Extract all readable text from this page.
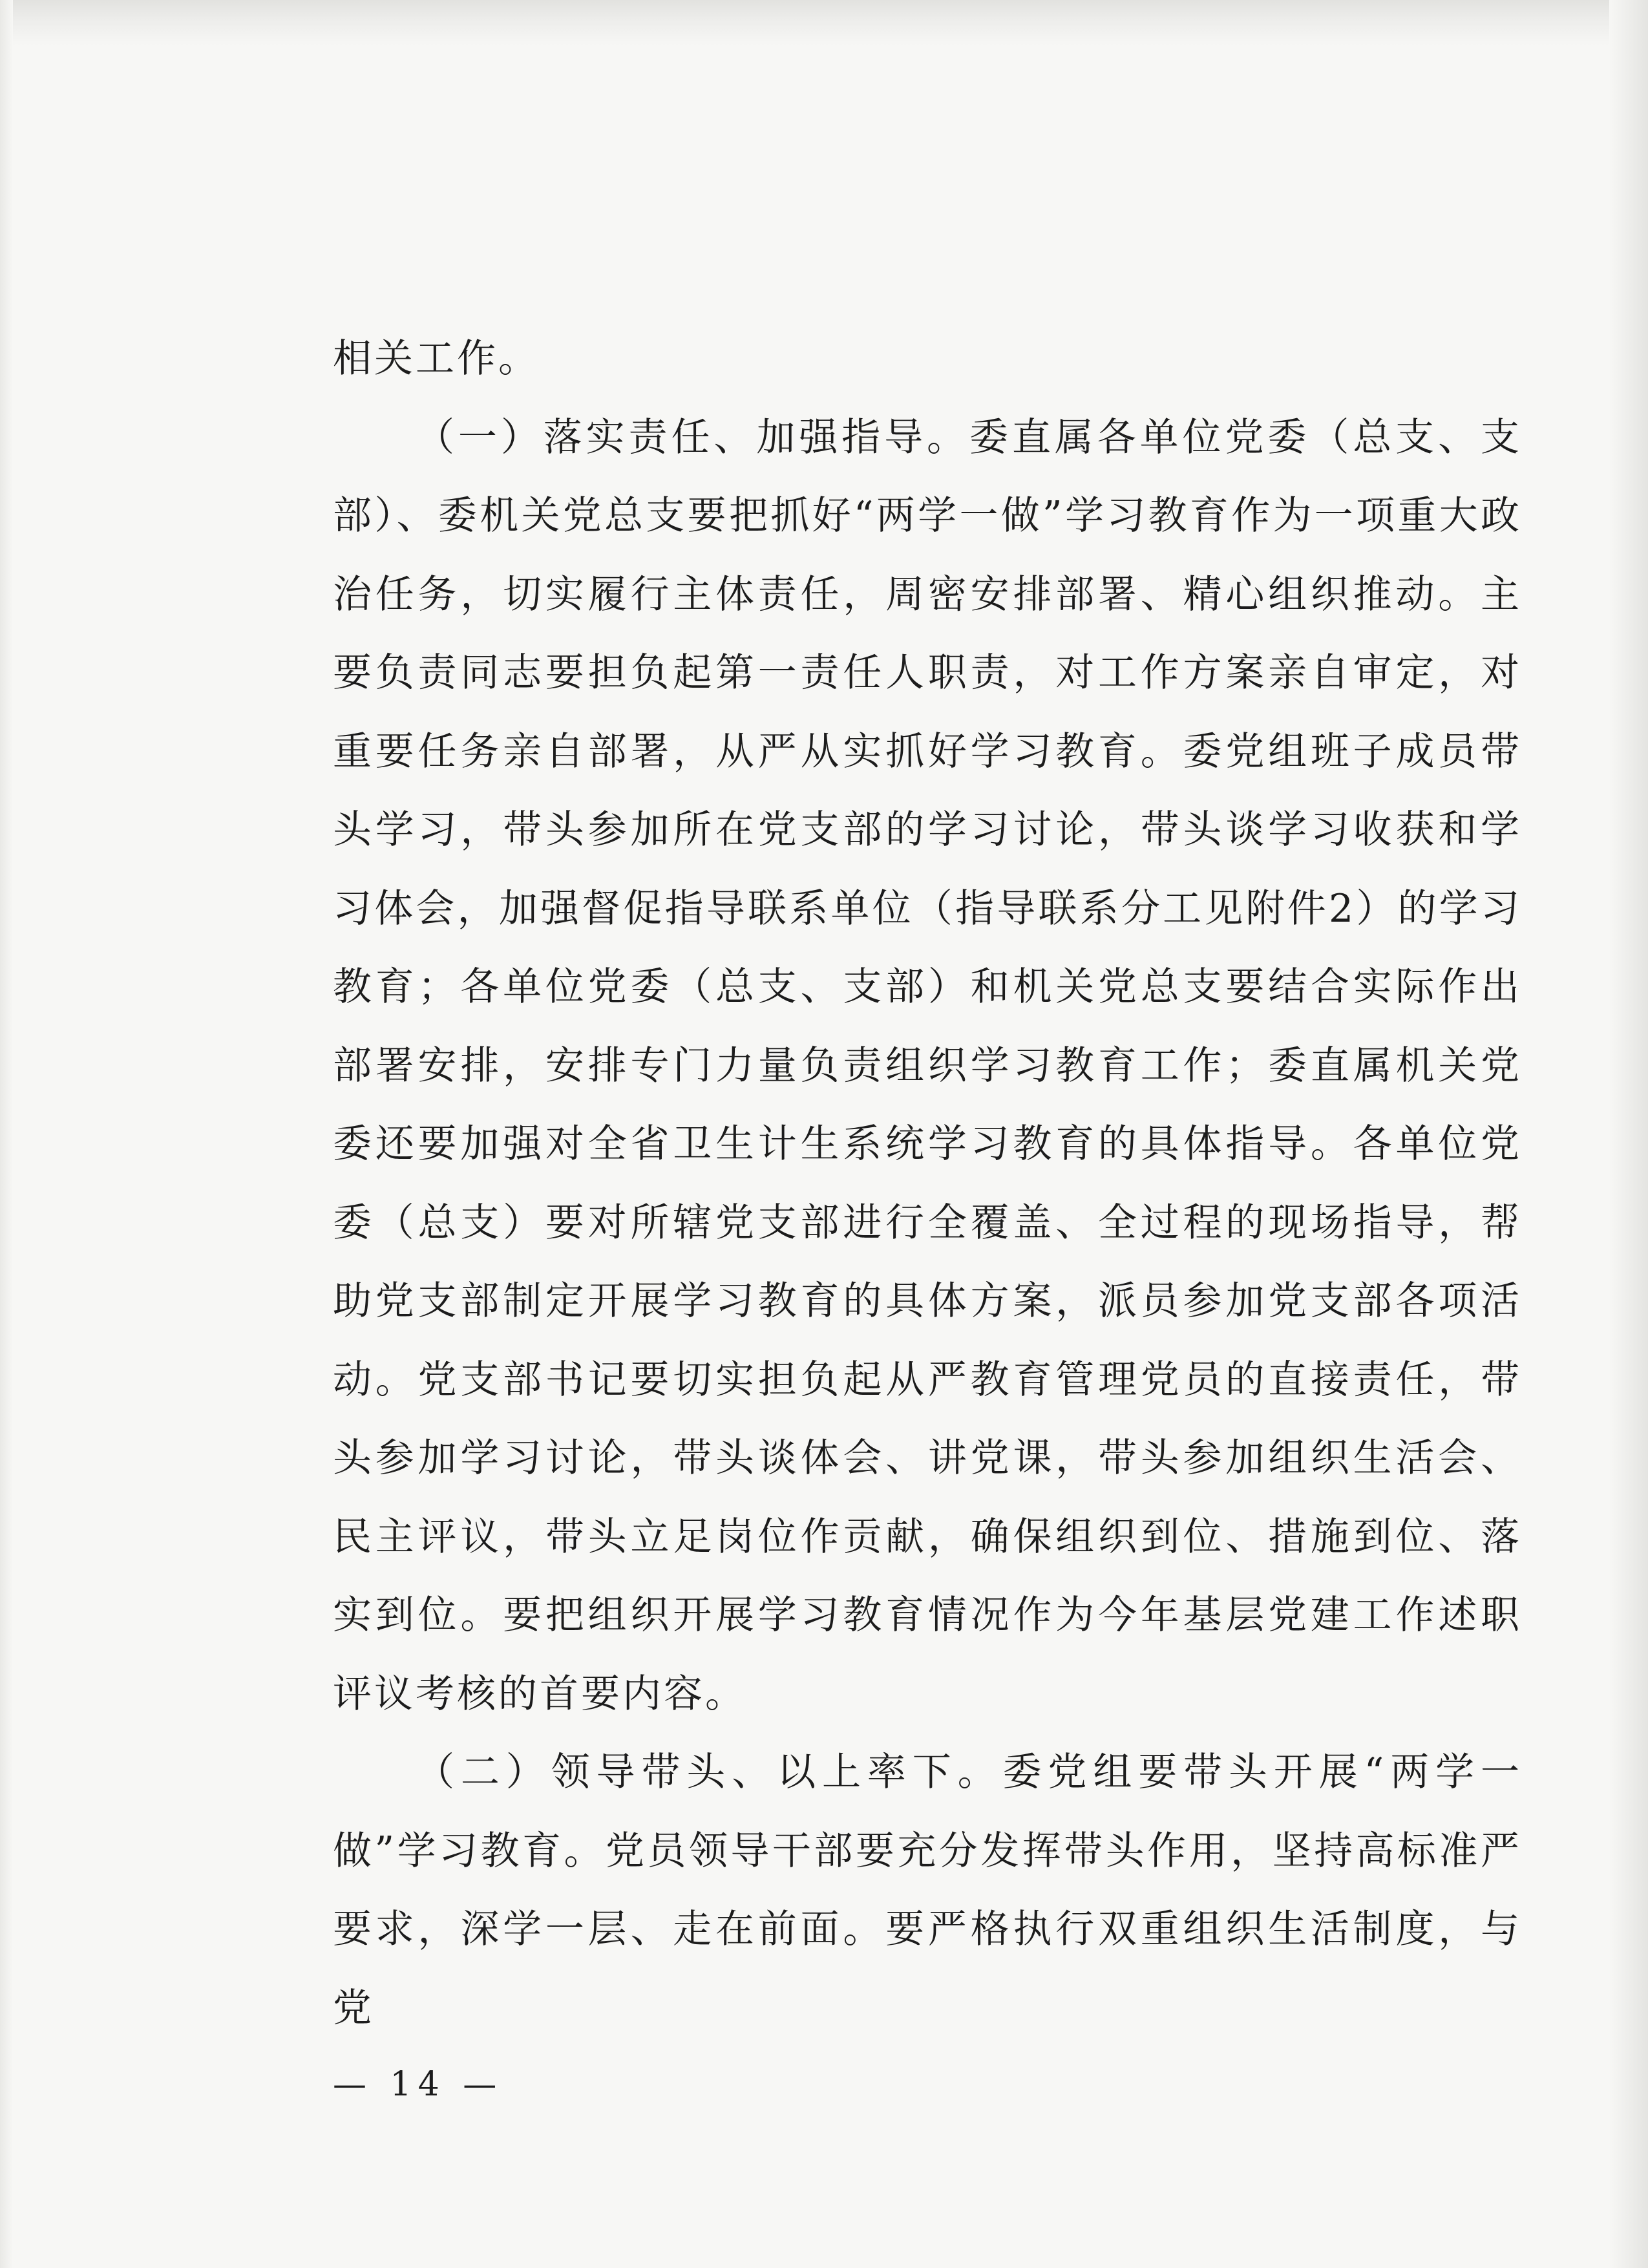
相关工作。

（一）落实责任、加强指导。委直属各单位党委（总支、支部）、委机关党总支要把抓好“两学一做”学习教育作为一项重大政治任务，切实履行主体责任，周密安排部署、精心组织推动。主要负责同志要担负起第一责任人职责，对工作方案亲自审定，对重要任务亲自部署，从严从实抓好学习教育。委党组班子成员带头学习，带头参加所在党支部的学习讨论，带头谈学习收获和学习体会，加强督促指导联系单位（指导联系分工见附件2）的学习教育；各单位党委（总支、支部）和机关党总支要结合实际作出部署安排，安排专门力量负责组织学习教育工作；委直属机关党委还要加强对全省卫生计生系统学习教育的具体指导。各单位党委（总支）要对所辖党支部进行全覆盖、全过程的现场指导，帮助党支部制定开展学习教育的具体方案，派员参加党支部各项活动。党支部书记要切实担负起从严教育管理党员的直接责任，带头参加学习讨论，带头谈体会、讲党课，带头参加组织生活会、民主评议，带头立足岗位作贡献，确保组织到位、措施到位、落实到位。要把组织开展学习教育情况作为今年基层党建工作述职评议考核的首要内容。

（二）领导带头、以上率下。委党组要带头开展“两学一做”学习教育。党员领导干部要充分发挥带头作用，坚持高标准严要求，深学一层、走在前面。要严格执行双重组织生活制度，与党

— 14 —
